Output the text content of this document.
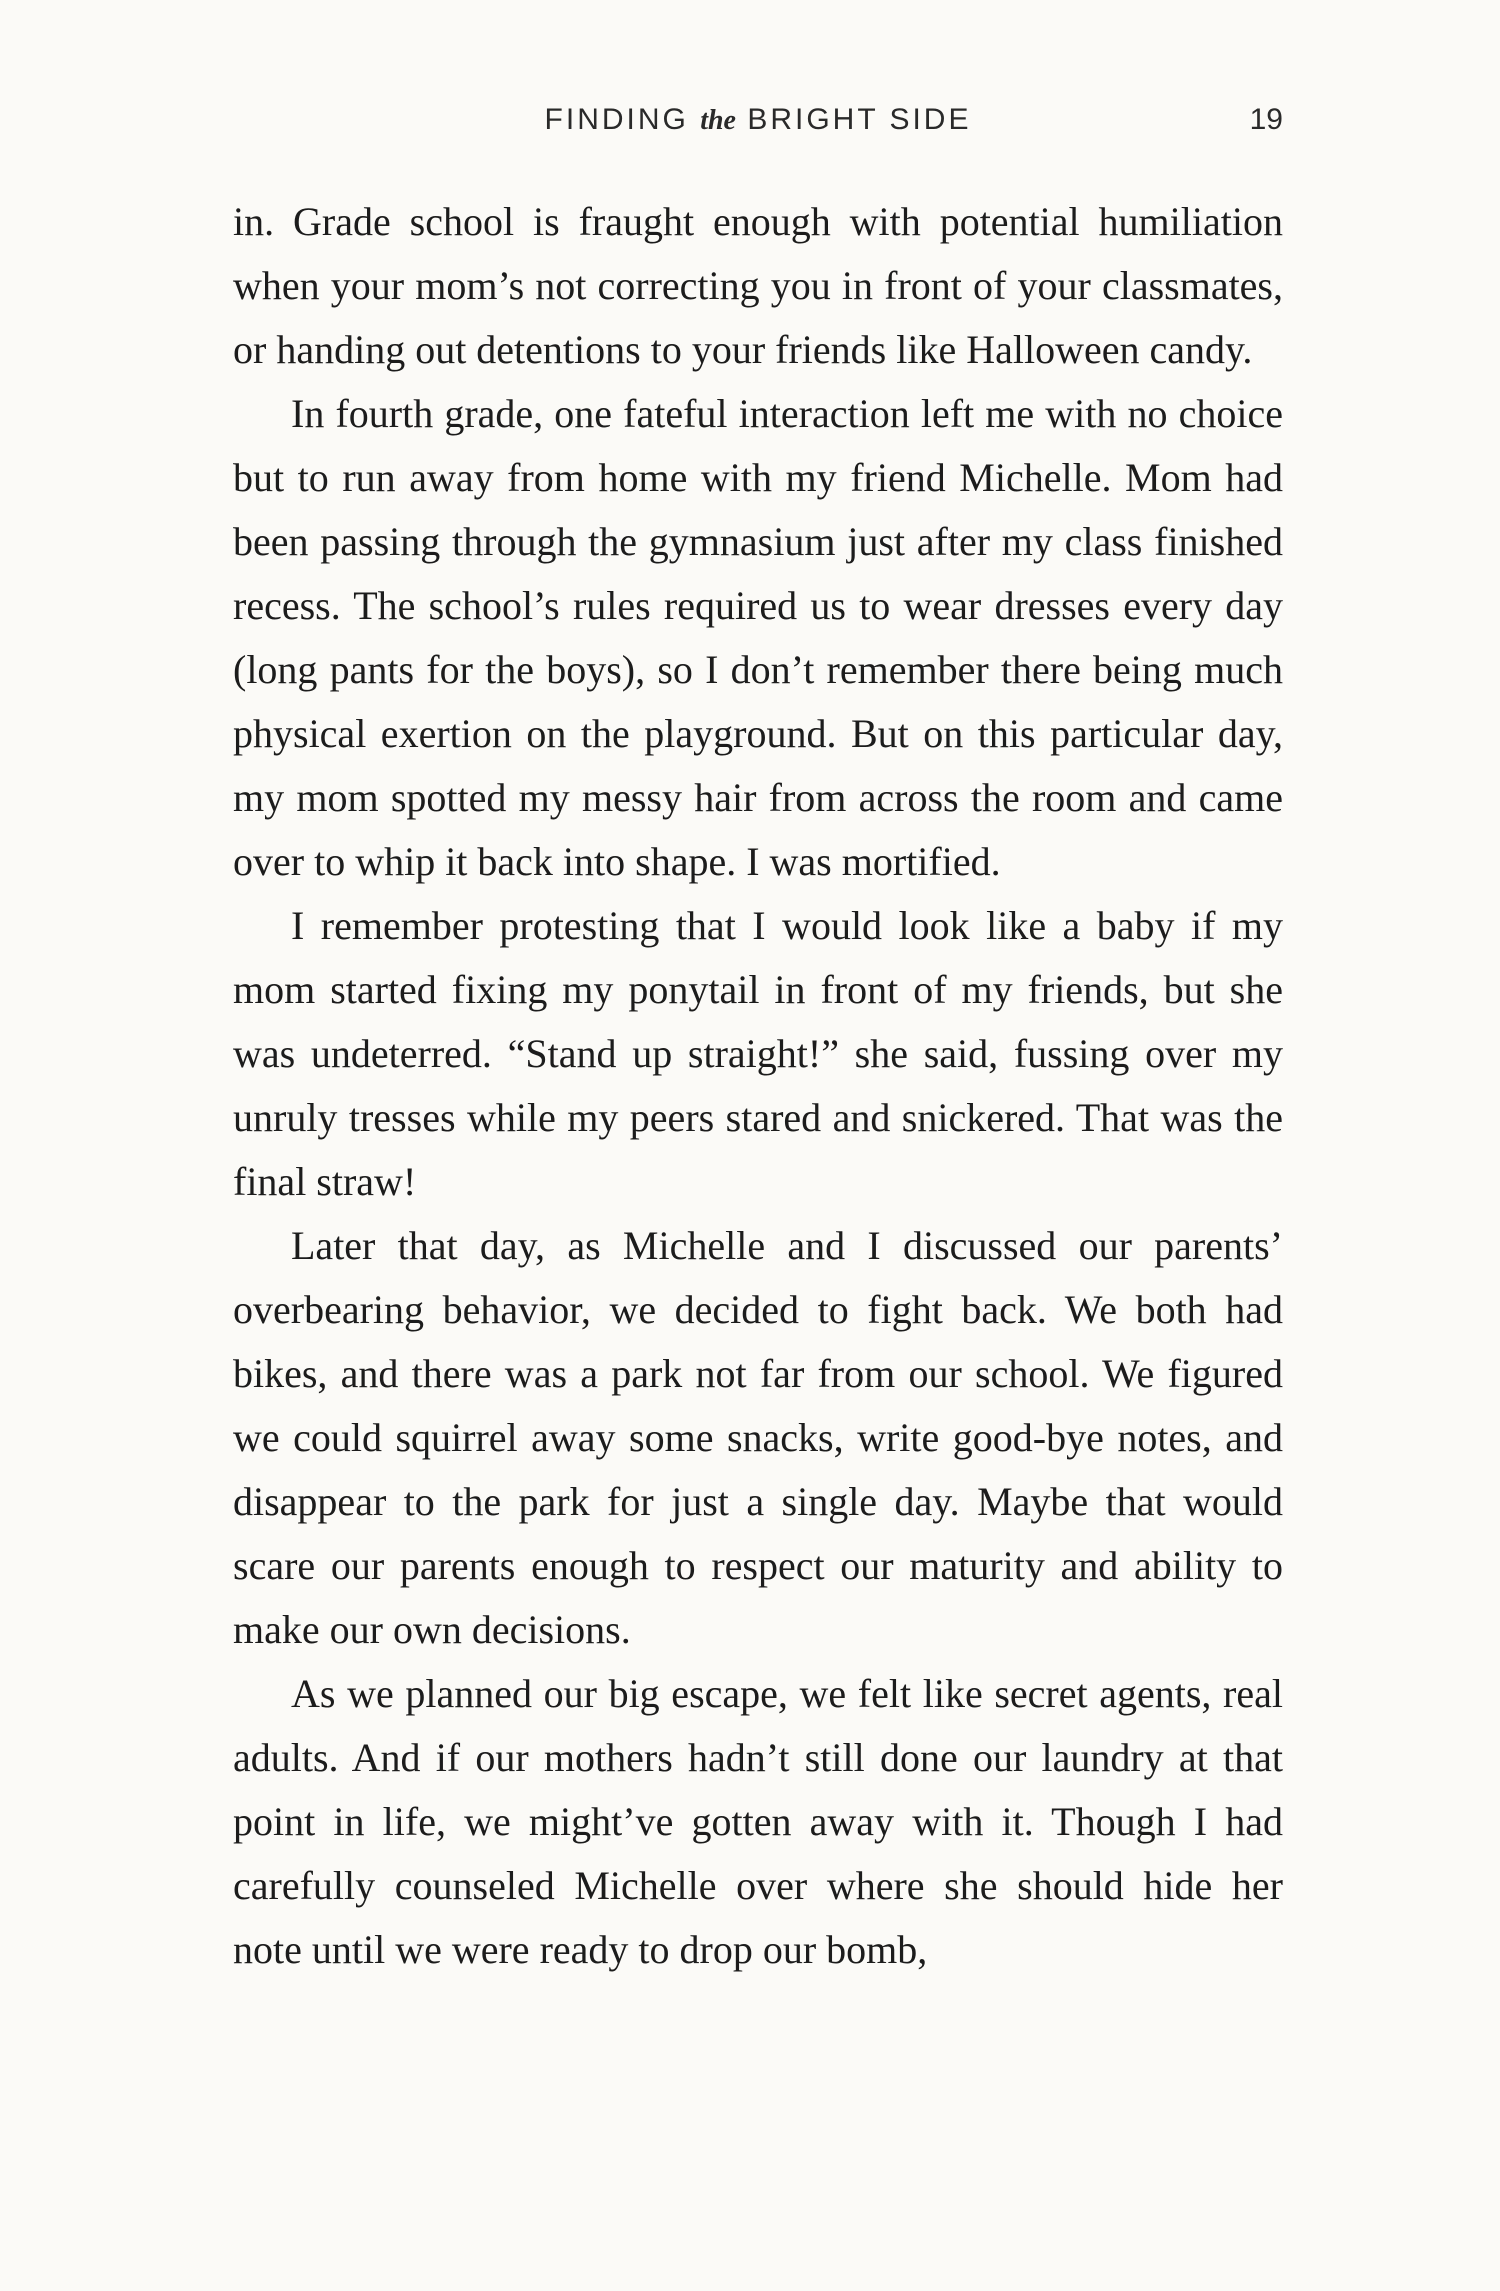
FINDING the BRIGHT SIDE	19

in. Grade school is fraught enough with potential humiliation when your mom’s not correcting you in front of your classmates, or handing out detentions to your friends like Halloween candy.

In fourth grade, one fateful interaction left me with no choice but to run away from home with my friend Michelle. Mom had been passing through the gymnasium just after my class finished recess. The school’s rules required us to wear dresses every day (long pants for the boys), so I don’t remember there being much physical exertion on the playground. But on this particular day, my mom spotted my messy hair from across the room and came over to whip it back into shape. I was mortified.

I remember protesting that I would look like a baby if my mom started fixing my ponytail in front of my friends, but she was undeterred. “Stand up straight!” she said, fussing over my unruly tresses while my peers stared and snickered. That was the final straw!

Later that day, as Michelle and I discussed our parents’ overbearing behavior, we decided to fight back. We both had bikes, and there was a park not far from our school. We figured we could squirrel away some snacks, write good-bye notes, and disappear to the park for just a single day. Maybe that would scare our parents enough to respect our maturity and ability to make our own decisions.

As we planned our big escape, we felt like secret agents, real adults. And if our mothers hadn’t still done our laundry at that point in life, we might’ve gotten away with it. Though I had carefully counseled Michelle over where she should hide her note until we were ready to drop our bomb,
